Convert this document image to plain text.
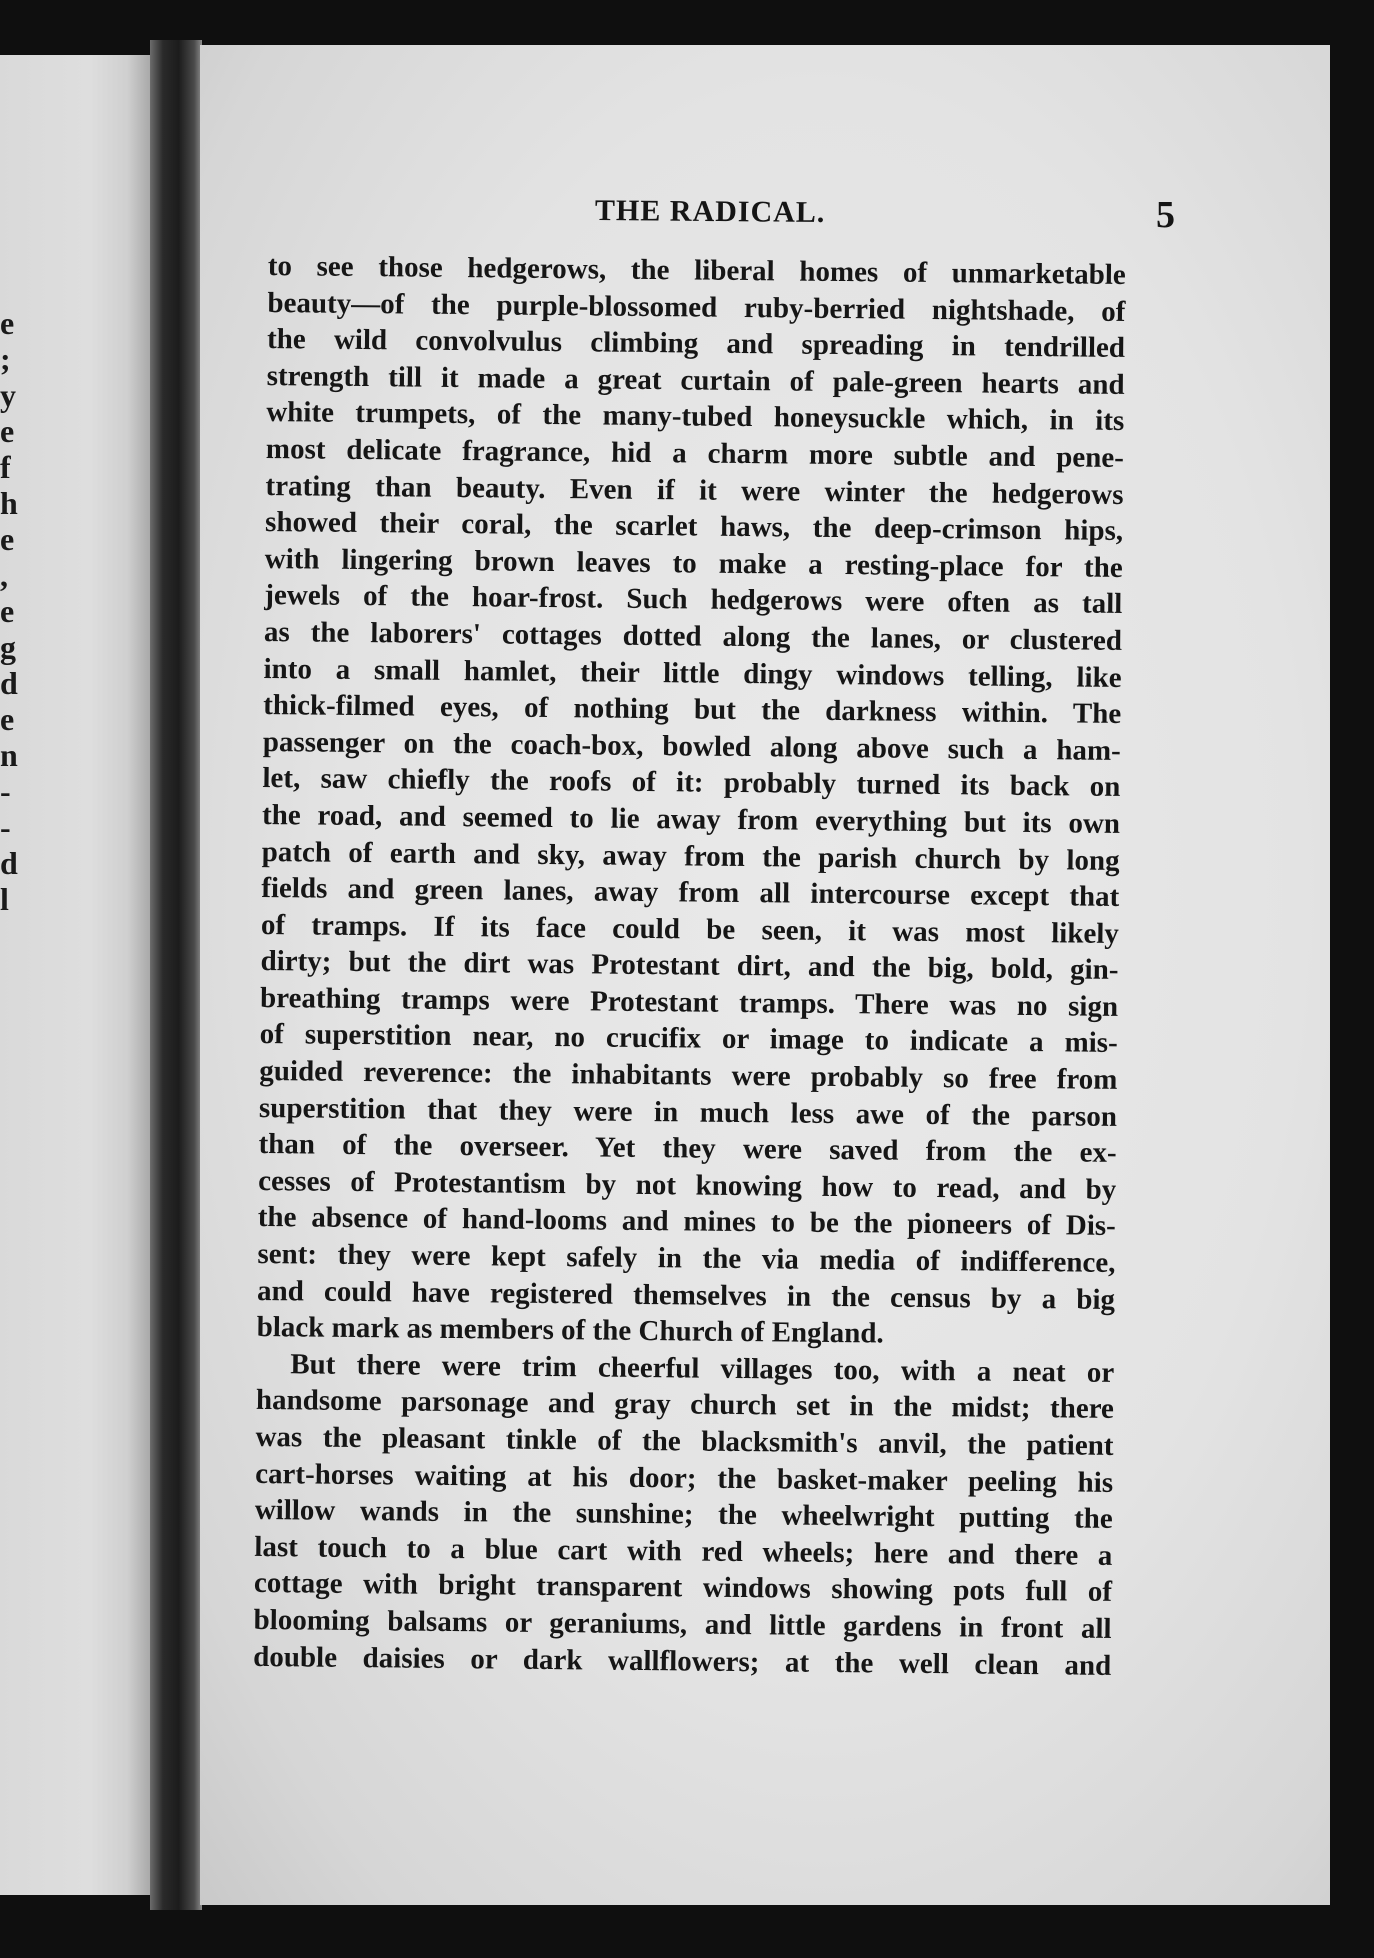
e
;
y
e
f
h
e
,
e
g
d
e
n
-
-
d
l
THE RADICAL.	5
to see those hedgerows, the liberal homes of unmarketable
beauty—of the purple-blossomed ruby-berried nightshade, of
the wild convolvulus climbing and spreading in tendrilled
strength till it made a great curtain of pale-green hearts and
white trumpets, of the many-tubed honeysuckle which, in its
most delicate fragrance, hid a charm more subtle and pene-
trating than beauty. Even if it were winter the hedgerows
showed their coral, the scarlet haws, the deep-crimson hips,
with lingering brown leaves to make a resting-place for the
jewels of the hoar-frost. Such hedgerows were often as tall
as the laborers' cottages dotted along the lanes, or clustered
into a small hamlet, their little dingy windows telling, like
thick-filmed eyes, of nothing but the darkness within. The
passenger on the coach-box, bowled along above such a ham-
let, saw chiefly the roofs of it: probably turned its back on
the road, and seemed to lie away from everything but its own
patch of earth and sky, away from the parish church by long
fields and green lanes, away from all intercourse except that
of tramps. If its face could be seen, it was most likely
dirty; but the dirt was Protestant dirt, and the big, bold, gin-
breathing tramps were Protestant tramps. There was no sign
of superstition near, no crucifix or image to indicate a mis-
guided reverence: the inhabitants were probably so free from
superstition that they were in much less awe of the parson
than of the overseer. Yet they were saved from the ex-
cesses of Protestantism by not knowing how to read, and by
the absence of hand-looms and mines to be the pioneers of Dis-
sent: they were kept safely in the via media of indifference,
and could have registered themselves in the census by a big
black mark as members of the Church of England.
But there were trim cheerful villages too, with a neat or
handsome parsonage and gray church set in the midst; there
was the pleasant tinkle of the blacksmith's anvil, the patient
cart-horses waiting at his door; the basket-maker peeling his
willow wands in the sunshine; the wheelwright putting the
last touch to a blue cart with red wheels; here and there a
cottage with bright transparent windows showing pots full of
blooming balsams or geraniums, and little gardens in front all
double daisies or dark wallflowers; at the well clean and
